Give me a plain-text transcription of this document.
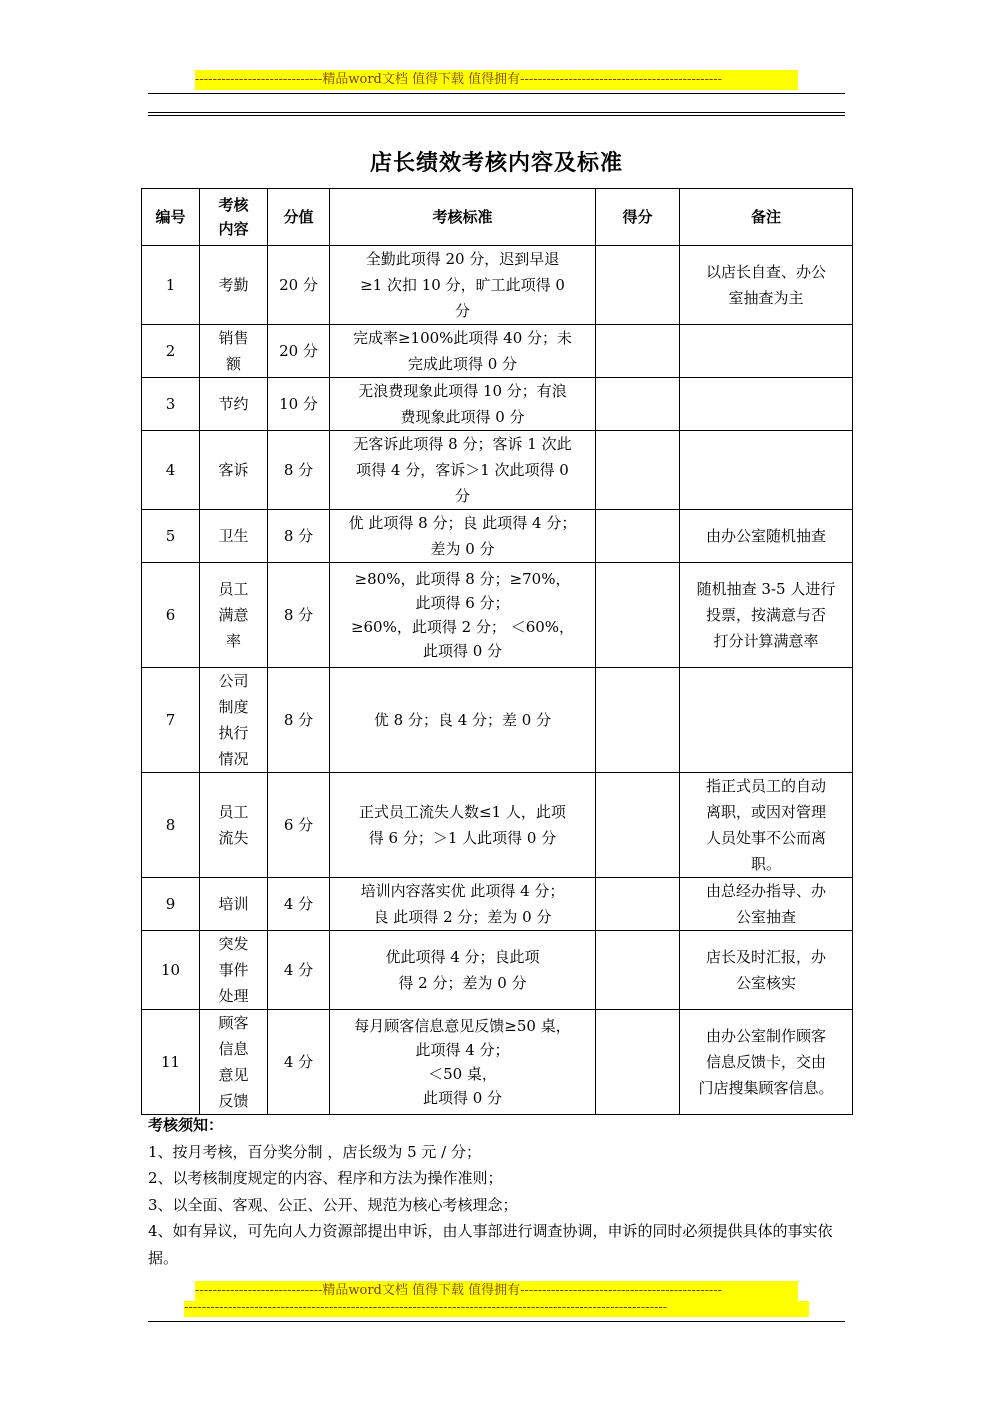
-----------------------------精品word文档 值得下载 值得拥有----------------------------------------------
店长绩效考核内容及标准
编号	考核
内容	分值	考核标准	得分	备注
1	考勤	20 分	全勤此项得 20 分，迟到早退
≥1 次扣 10 分，旷工此项得 0
分		以店长自查、办公
室抽查为主
2	销售
额	20 分	完成率≥100%此项得 40 分；未
完成此项得 0 分		
3	节约	10 分	无浪费现象此项得 10 分；有浪
费现象此项得 0 分		
4	客诉	8 分	无客诉此项得 8 分；客诉 1 次此
项得 4 分，客诉＞1 次此项得 0
分		
5	卫生	8 分	优 此项得 8 分；良 此项得 4 分；
差为 0 分		由办公室随机抽查
6	员工
满意
率	8 分	≥80%，此项得 8 分；≥70%，
此项得 6 分；
≥60%，此项得 2 分； ＜60%，
此项得 0 分		随机抽查 3-5 人进行
投票，按满意与否
打分计算满意率
7	公司
制度
执行
情况	8 分	优 8 分；良 4 分；差 0 分		
8	员工
流失	6 分	正式员工流失人数≤1 人，此项
得 6 分；＞1 人此项得 0 分		指正式员工的自动
离职，或因对管理
人员处事不公而离
职。
9	培训	4 分	培训内容落实优 此项得 4 分；
良 此项得 2 分；差为 0 分		由总经办指导、办
公室抽查
10	突发
事件
处理	4 分	优此项得 4 分；良此项
得 2 分；差为 0 分		店长及时汇报，办
公室核实
11	顾客
信息
意见
反馈	4 分	每月顾客信息意见反馈≥50 桌，
此项得 4 分；
＜50 桌，
此项得 0 分		由办公室制作顾客
信息反馈卡，交由
门店搜集顾客信息。
考核须知：
1、按月考核，百分奖分制 ，店长级为 5 元 / 分；
2、以考核制度规定的内容、程序和方法为操作准则；
3、以全面、客观、公正、公开、规范为核心考核理念；
4、如有异议，可先向人力资源部提出申诉，由人事部进行调查协调，申诉的同时必须提供具体的事实依据。
-----------------------------精品word文档 值得下载 值得拥有----------------------------------------------
--------------------------------------------------------------------------------------------------------------
